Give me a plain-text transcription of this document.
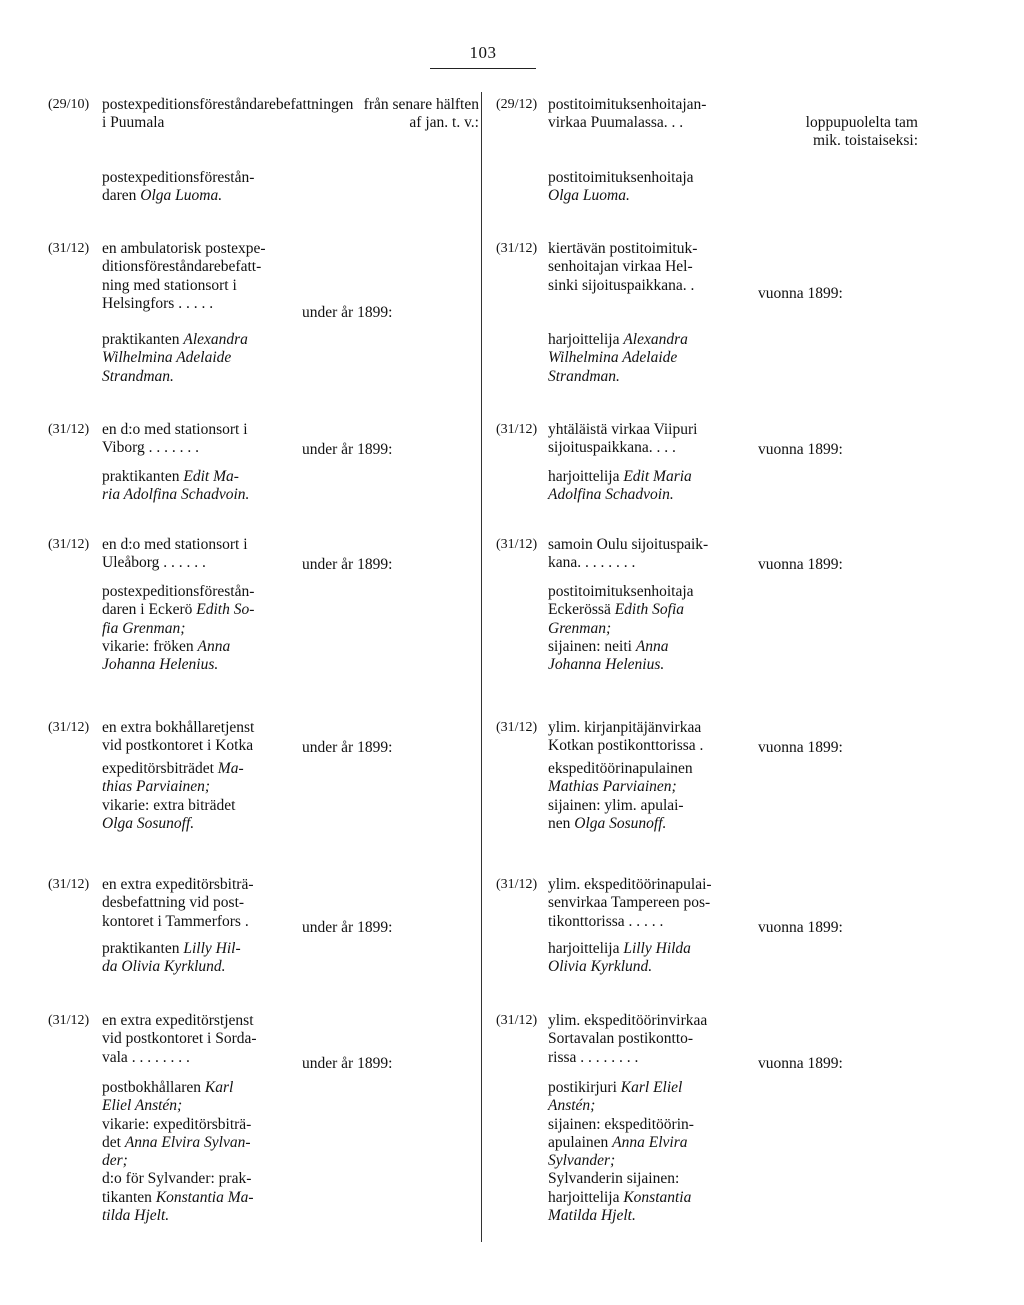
103
(29/10) postexpeditionsföreståndarebefattningen i Puumala
från senare hälften
af jan. t. v.:
postexpeditionsförestån-
daren Olga Luoma.
(29/12) postitoimituksenhoitajan-
virkaa Puumalassa. . .	loppupuolelta tam
mik. toistaiseksi:
postitoimituksenhoitaja
Olga Luoma.
(31/12) en ambulatorisk postexpe-
ditionsföreståndarebefatt-
ning med stationsort i
Helsingfors . . . . .
under år 1899:
praktikanten Alexandra
Wilhelmina Adelaide
Strandman.
(31/12) kiertävän postitoimituk-
senhoitajan virkaa Hel-
sinki sijoituspaikkana. .	vuonna 1899:
harjoittelija Alexandra
Wilhelmina Adelaide
Strandman.
(31/12) en d:o med stationsort i
Viborg . . . . . . .	under år 1899:
praktikanten Edit Ma-
ria Adolfina Schadvoin.
(31/12) yhtäläistä virkaa Viipuri
sijoituspaikkana. . . .	vuonna 1899:
harjoittelija Edit Maria
Adolfina Schadvoin.
(31/12) en d:o med stationsort i
Uleåborg . . . . . .	under år 1899:
postexpeditionsförestån-
daren i Eckerö Edith So-
fia Grenman;
vikarie: fröken Anna
Johanna Helenius.
(31/12) samoin Oulu sijoituspaik-
kana. . . . . . . .	vuonna 1899:
postitoimituksenhoitaja
Eckerössä Edith Sofia
Grenman;
sijainen: neiti Anna
Johanna Helenius.
(31/12) en extra bokhållaretjenst
vid postkontoret i Kotka	under år 1899:
expeditörsbiträdet Ma-
thias Parviainen;
vikarie: extra biträdet
Olga Sosunoff.
(31/12) ylim. kirjanpitäjänvirkaa
Kotkan postikonttorissa .	vuonna 1899:
ekspeditöörinapulainen
Mathias Parviainen;
sijainen: ylim. apulai-
nen Olga Sosunoff.
(31/12) en extra expeditörsbiträ-
desbefattning vid post-
kontoret i Tammerfors .	under år 1899:
praktikanten Lilly Hil-
da Olivia Kyrklund.
(31/12) ylim. ekspeditöörinapulai-
senvirkaa Tampereen pos-
tikonttorissa . . . . .	vuonna 1899:
harjoittelija Lilly Hilda
Olivia Kyrklund.
(31/12) en extra expeditörstjenst
vid postkontoret i Sorda-
vala . . . . . . . .	under år 1899:
postbokhållaren Karl
Eliel Anstén;
vikarie: expeditörsbiträ-
det Anna Elvira Sylvan-
der;
d:o för Sylvander: prak-
tikanten Konstantia Ma-
tilda Hjelt.
(31/12) ylim. ekspeditöörinvirkaa
Sortavalan postikontto-
rissa . . . . . . . .	vuonna 1899:
postikirjuri Karl Eliel
Anstén;
sijainen: ekspeditöörin-
apulainen Anna Elvira
Sylvander;
Sylvanderin sijainen:
harjoittelija Konstantia
Matilda Hjelt.
